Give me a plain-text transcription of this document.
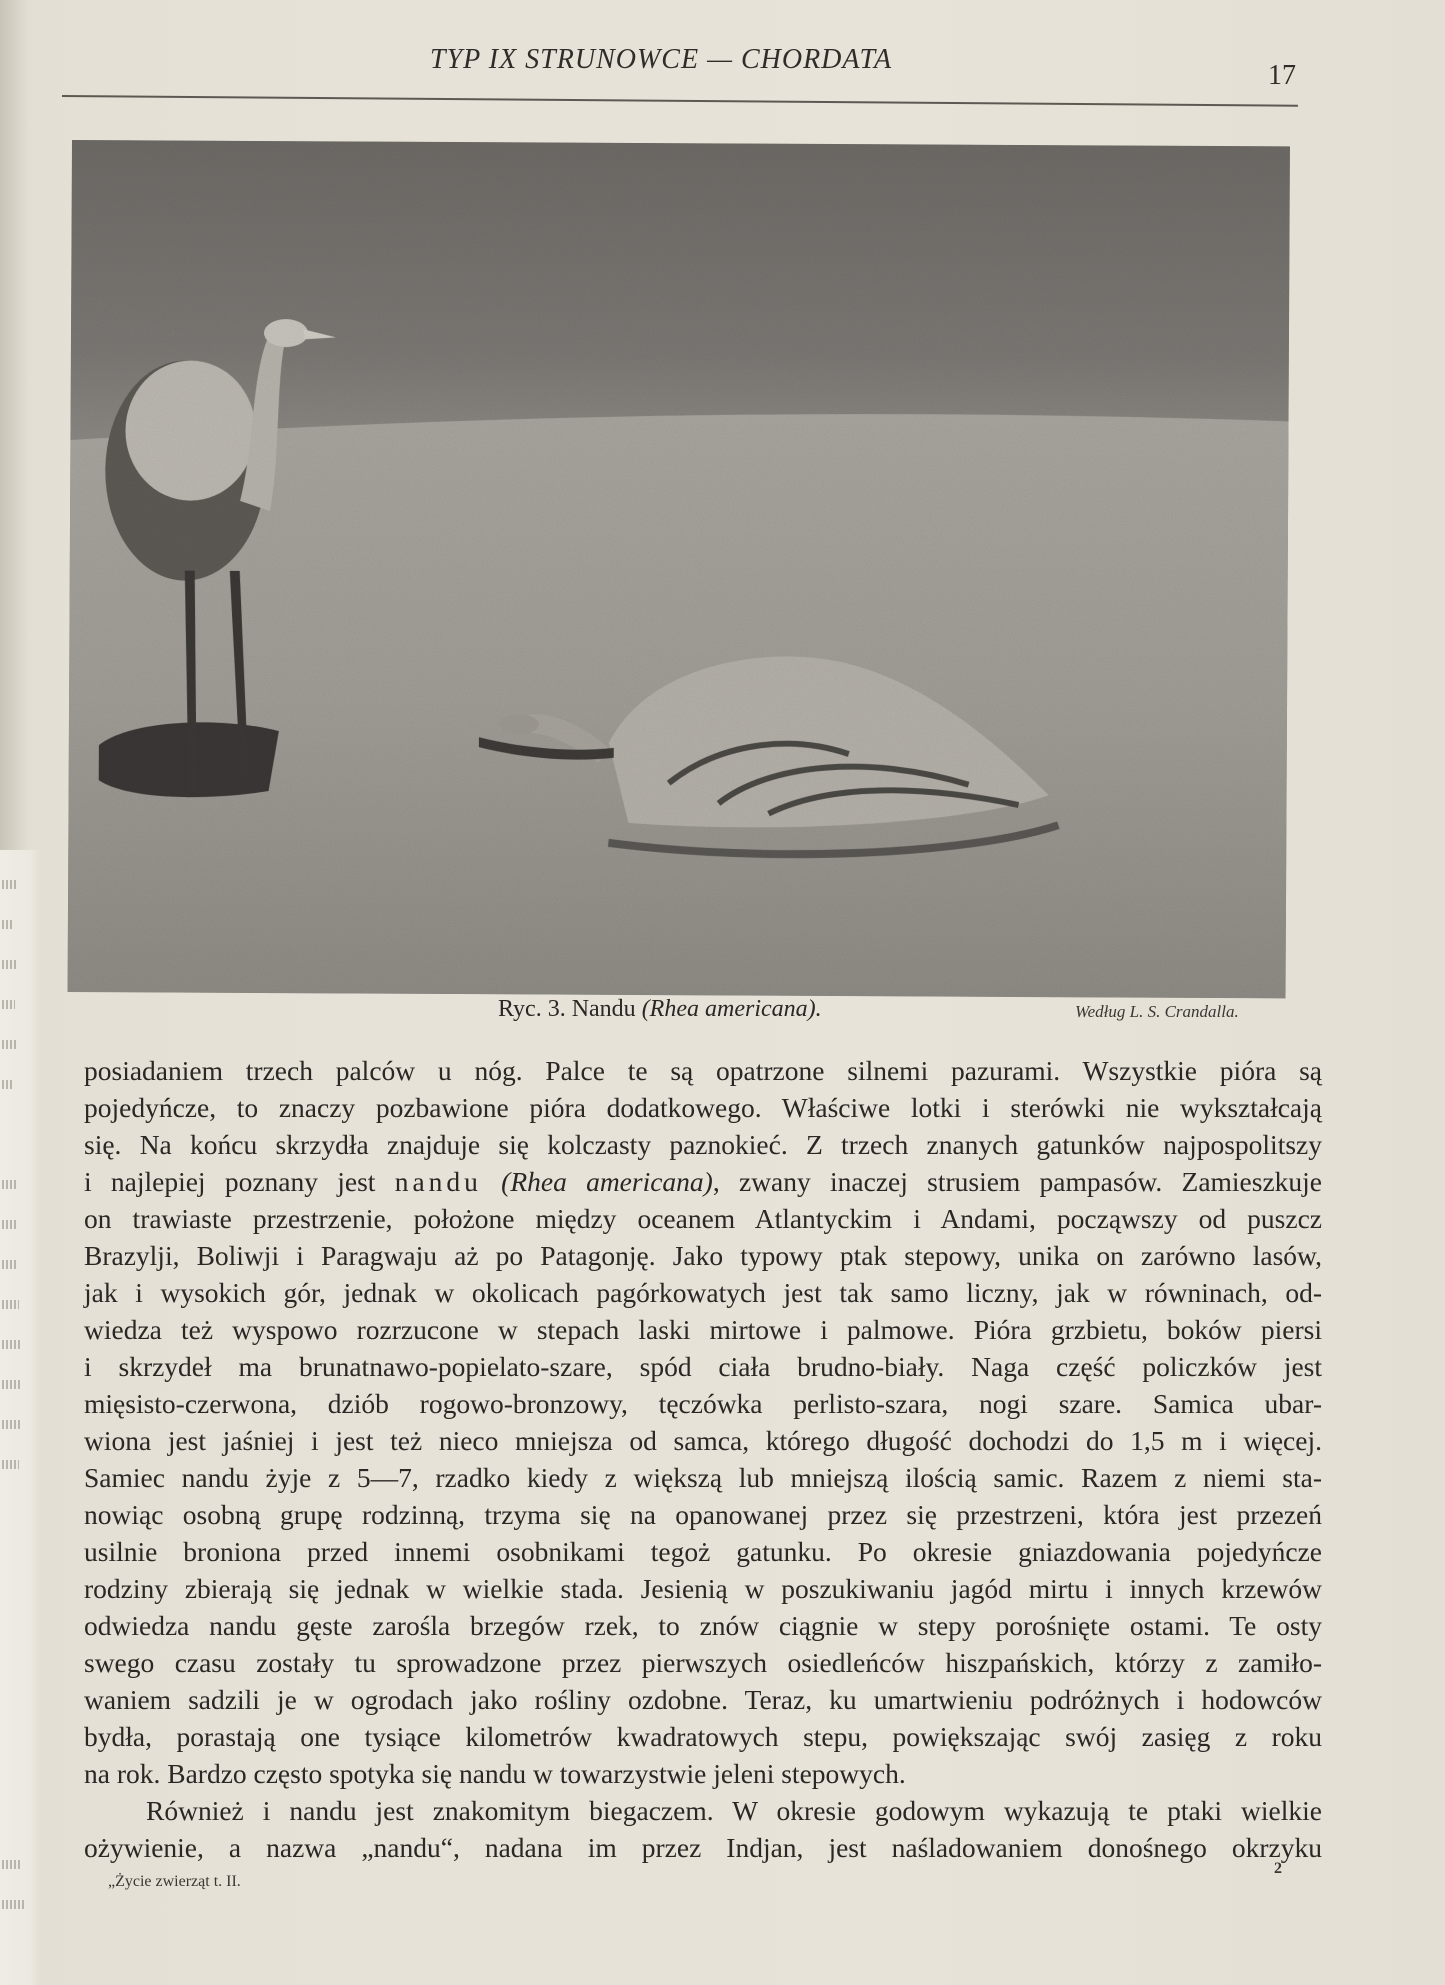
TYP IX STRUNOWCE — CHORDATA
17
Ryc. 3. Nandu (Rhea americana).	Według L. S. Crandalla.
posiadaniem trzech palców u nóg. Palce te są opatrzone silnemi pazurami. Wszystkie pióra są
pojedyńcze, to znaczy pozbawione pióra dodatkowego. Właściwe lotki i sterówki nie wykształcają
się. Na końcu skrzydła znajduje się kolczasty paznokieć. Z trzech znanych gatunków najpospolitszy
i najlepiej poznany jest nandu (Rhea americana), zwany inaczej strusiem pampasów. Zamieszkuje
on trawiaste przestrzenie, położone między oceanem Atlantyckim i Andami, począwszy od puszcz
Brazylji, Boliwji i Paragwaju aż po Patagonję. Jako typowy ptak stepowy, unika on zarówno lasów,
jak i wysokich gór, jednak w okolicach pagórkowatych jest tak samo liczny, jak w równinach, od-
wiedza też wyspowo rozrzucone w stepach laski mirtowe i palmowe. Pióra grzbietu, boków piersi
i skrzydeł ma brunatnawo-popielato-szare, spód ciała brudno-biały. Naga część policzków jest
mięsisto-czerwona, dziób rogowo-bronzowy, tęczówka perlisto-szara, nogi szare. Samica ubar-
wiona jest jaśniej i jest też nieco mniejsza od samca, którego długość dochodzi do 1,5 m i więcej.
Samiec nandu żyje z 5—7, rzadko kiedy z większą lub mniejszą ilością samic. Razem z niemi sta-
nowiąc osobną grupę rodzinną, trzyma się na opanowanej przez się przestrzeni, która jest przezeń
usilnie broniona przed innemi osobnikami tegoż gatunku. Po okresie gniazdowania pojedyńcze
rodziny zbierają się jednak w wielkie stada. Jesienią w poszukiwaniu jagód mirtu i innych krzewów
odwiedza nandu gęste zarośla brzegów rzek, to znów ciągnie w stepy porośnięte ostami. Te osty
swego czasu zostały tu sprowadzone przez pierwszych osiedleńców hiszpańskich, którzy z zamiło-
waniem sadzili je w ogrodach jako rośliny ozdobne. Teraz, ku umartwieniu podróżnych i hodowców
bydła, porastają one tysiące kilometrów kwadratowych stepu, powiększając swój zasięg z roku
na rok. Bardzo często spotyka się nandu w towarzystwie jeleni stepowych.
Również i nandu jest znakomitym biegaczem. W okresie godowym wykazują te ptaki wielkie
ożywienie, a nazwa „nandu“, nadana im przez Indjan, jest naśladowaniem donośnego okrzyku
„Życie zwierząt t. II.
2
